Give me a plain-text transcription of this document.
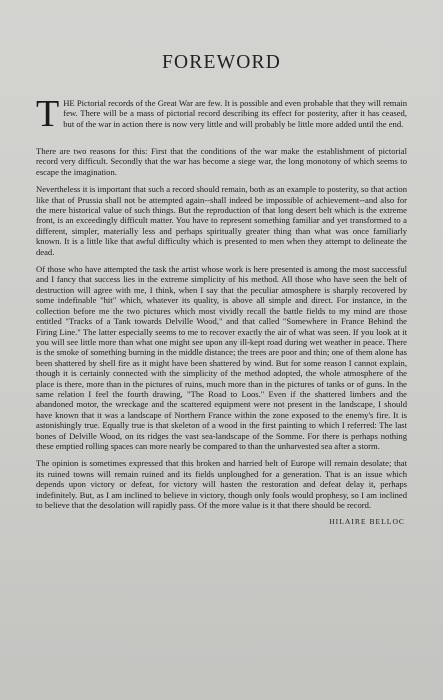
FOREWORD

THE Pictorial records of the Great War are few. It is possible and even probable that they will remain few. There will be a mass of pictorial record describing its effect for posterity, after it has ceased, but of the war in action there is now very little and will probably be little more added until the end.

There are two reasons for this: First that the conditions of the war make the establishment of pictorial record very difficult. Secondly that the war has become a siege war, the long monotony of which seems to escape the imagination.

Nevertheless it is important that such a record should remain, both as an example to posterity, so that action like that of Prussia shall not be attempted again--shall indeed be impossible of achievement--and also for the mere historical value of such things. But the reproduction of that long desert belt which is the extreme front, is an exceedingly difficult matter. You have to represent something familiar and yet transformed to a different, simpler, materially less and perhaps spiritually greater thing than what was once familiarly known. It is a little like that awful difficulty which is presented to men when they attempt to delineate the dead.

Of those who have attempted the task the artist whose work is here presented is among the most successful and I fancy that success lies in the extreme simplicity of his method. All those who have seen the belt of destruction will agree with me, I think, when I say that the peculiar atmosphere is sharply recovered by some indefinable "hit" which, whatever its quality, is above all simple and direct. For instance, in the collection before me the two pictures which most vividly recall the battle fields to my mind are those entitled "Tracks of a Tank towards Delville Wood," and that called "Somewhere in France Behind the Firing Line." The latter especially seems to me to recover exactly the air of what was seen. If you look at it you will see little more than what one might see upon any ill-kept road during wet weather in peace. There is the smoke of something burning in the middle distance; the trees are poor and thin; one of them alone has been shattered by shell fire as it might have been shattered by wind. But for some reason I cannot explain, though it is certainly connected with the simplicity of the method adopted, the whole atmosphere of the place is there, more than in the pictures of ruins, much more than in the pictures of tanks or of guns. In the same relation I feel the fourth drawing, "The Road to Loos." Even if the shattered limbers and the abandoned motor, the wreckage and the scattered equipment were not present in the landscape, I should have known that it was a landscape of Northern France within the zone exposed to the enemy's fire. It is astonishingly true. Equally true is that skeleton of a wood in the first painting to which I referred: The last bones of Delville Wood, on its ridges the vast sea-landscape of the Somme. For there is perhaps nothing these emptied rolling spaces can more nearly be compared to than the unharvested sea after a storm.

The opinion is sometimes expressed that this broken and harried belt of Europe will remain desolate; that its ruined towns will remain ruined and its fields unploughed for a generation. That is an issue which depends upon victory or defeat, for victory will hasten the restoration and defeat delay it, perhaps indefinitely. But, as I am inclined to believe in victory, though only fools would prophesy, so I am inclined to believe that the desolation will rapidly pass. Of the more value is it that there should be record.

HILAIRE BELLOC
